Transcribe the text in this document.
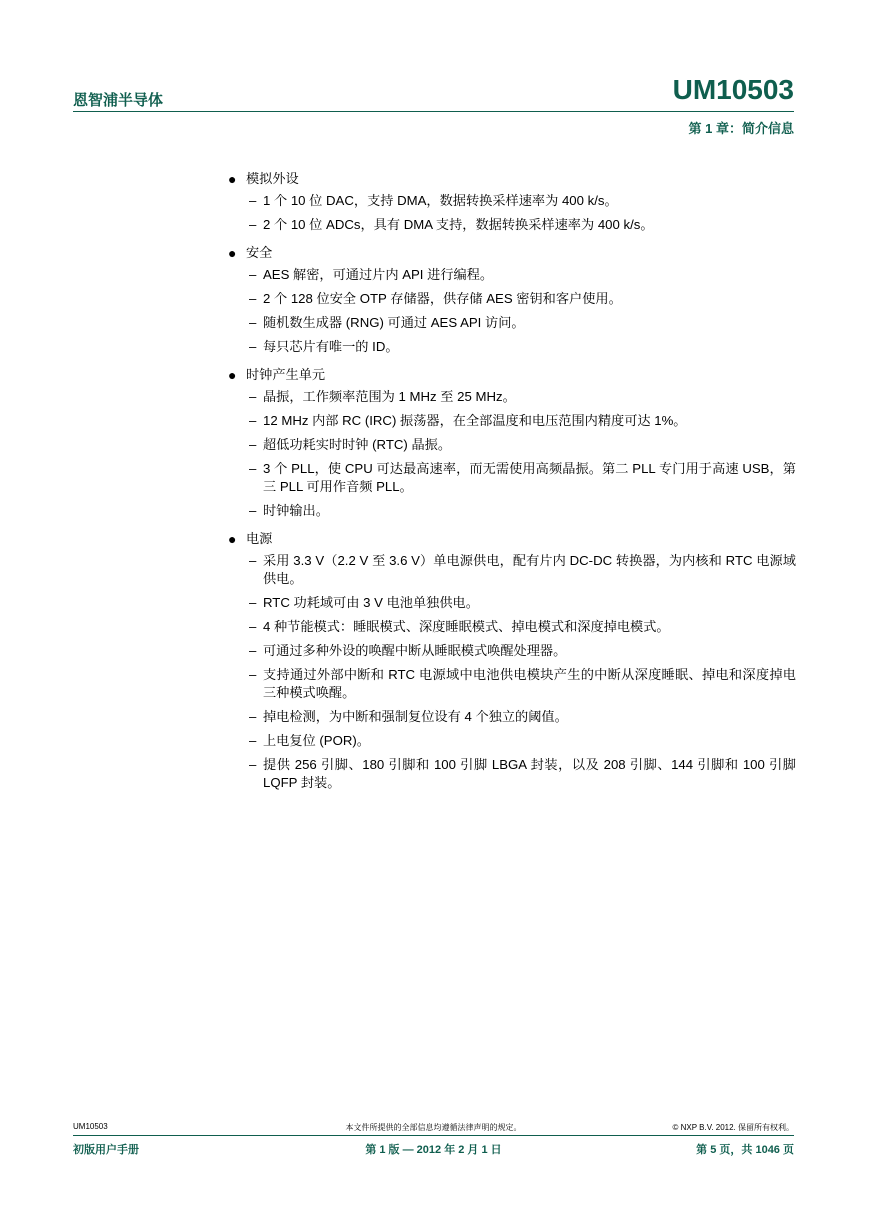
恩智浦半导体	UM10503
第 1 章：简介信息
● 模拟外设
– 1 个 10 位 DAC，支持 DMA，数据转换采样速率为 400 k/s。
– 2 个 10 位 ADCs，具有 DMA 支持，数据转换采样速率为 400 k/s。
● 安全
– AES 解密，可通过片内 API 进行编程。
– 2 个 128 位安全 OTP 存储器，供存储 AES 密钥和客户使用。
– 随机数生成器 (RNG) 可通过 AES API 访问。
– 每只芯片有唯一的 ID。
● 时钟产生单元
– 晶振，工作频率范围为 1 MHz 至 25 MHz。
– 12 MHz 内部 RC (IRC) 振荡器，在全部温度和电压范围内精度可达 1%。
– 超低功耗实时时钟 (RTC) 晶振。
– 3 个 PLL，使 CPU 可达最高速率，而无需使用高频晶振。第二 PLL 专门用于高速 USB，第三 PLL 可用作音频 PLL。
– 时钟输出。
● 电源
– 采用 3.3 V（2.2 V 至 3.6 V）单电源供电，配有片内 DC-DC 转换器，为内核和 RTC 电源域供电。
– RTC 功耗域可由 3 V 电池单独供电。
– 4 种节能模式：睡眠模式、深度睡眠模式、掉电模式和深度掉电模式。
– 可通过多种外设的唤醒中断从睡眠模式唤醒处理器。
– 支持通过外部中断和 RTC 电源域中电池供电模块产生的中断从深度睡眠、掉电和深度掉电三种模式唤醒。
– 掉电检测，为中断和强制复位设有 4 个独立的阈值。
– 上电复位 (POR)。
– 提供 256 引脚、180 引脚和 100 引脚 LBGA 封装，以及 208 引脚、144 引脚和 100 引脚 LQFP 封装。
UM10503	本文件所提供的全部信息均遵循法律声明的规定。	© NXP B.V. 2012. 保留所有权利。
初版用户手册	第 1 版 — 2012 年 2 月 1 日	第 5 页，共 1046 页
